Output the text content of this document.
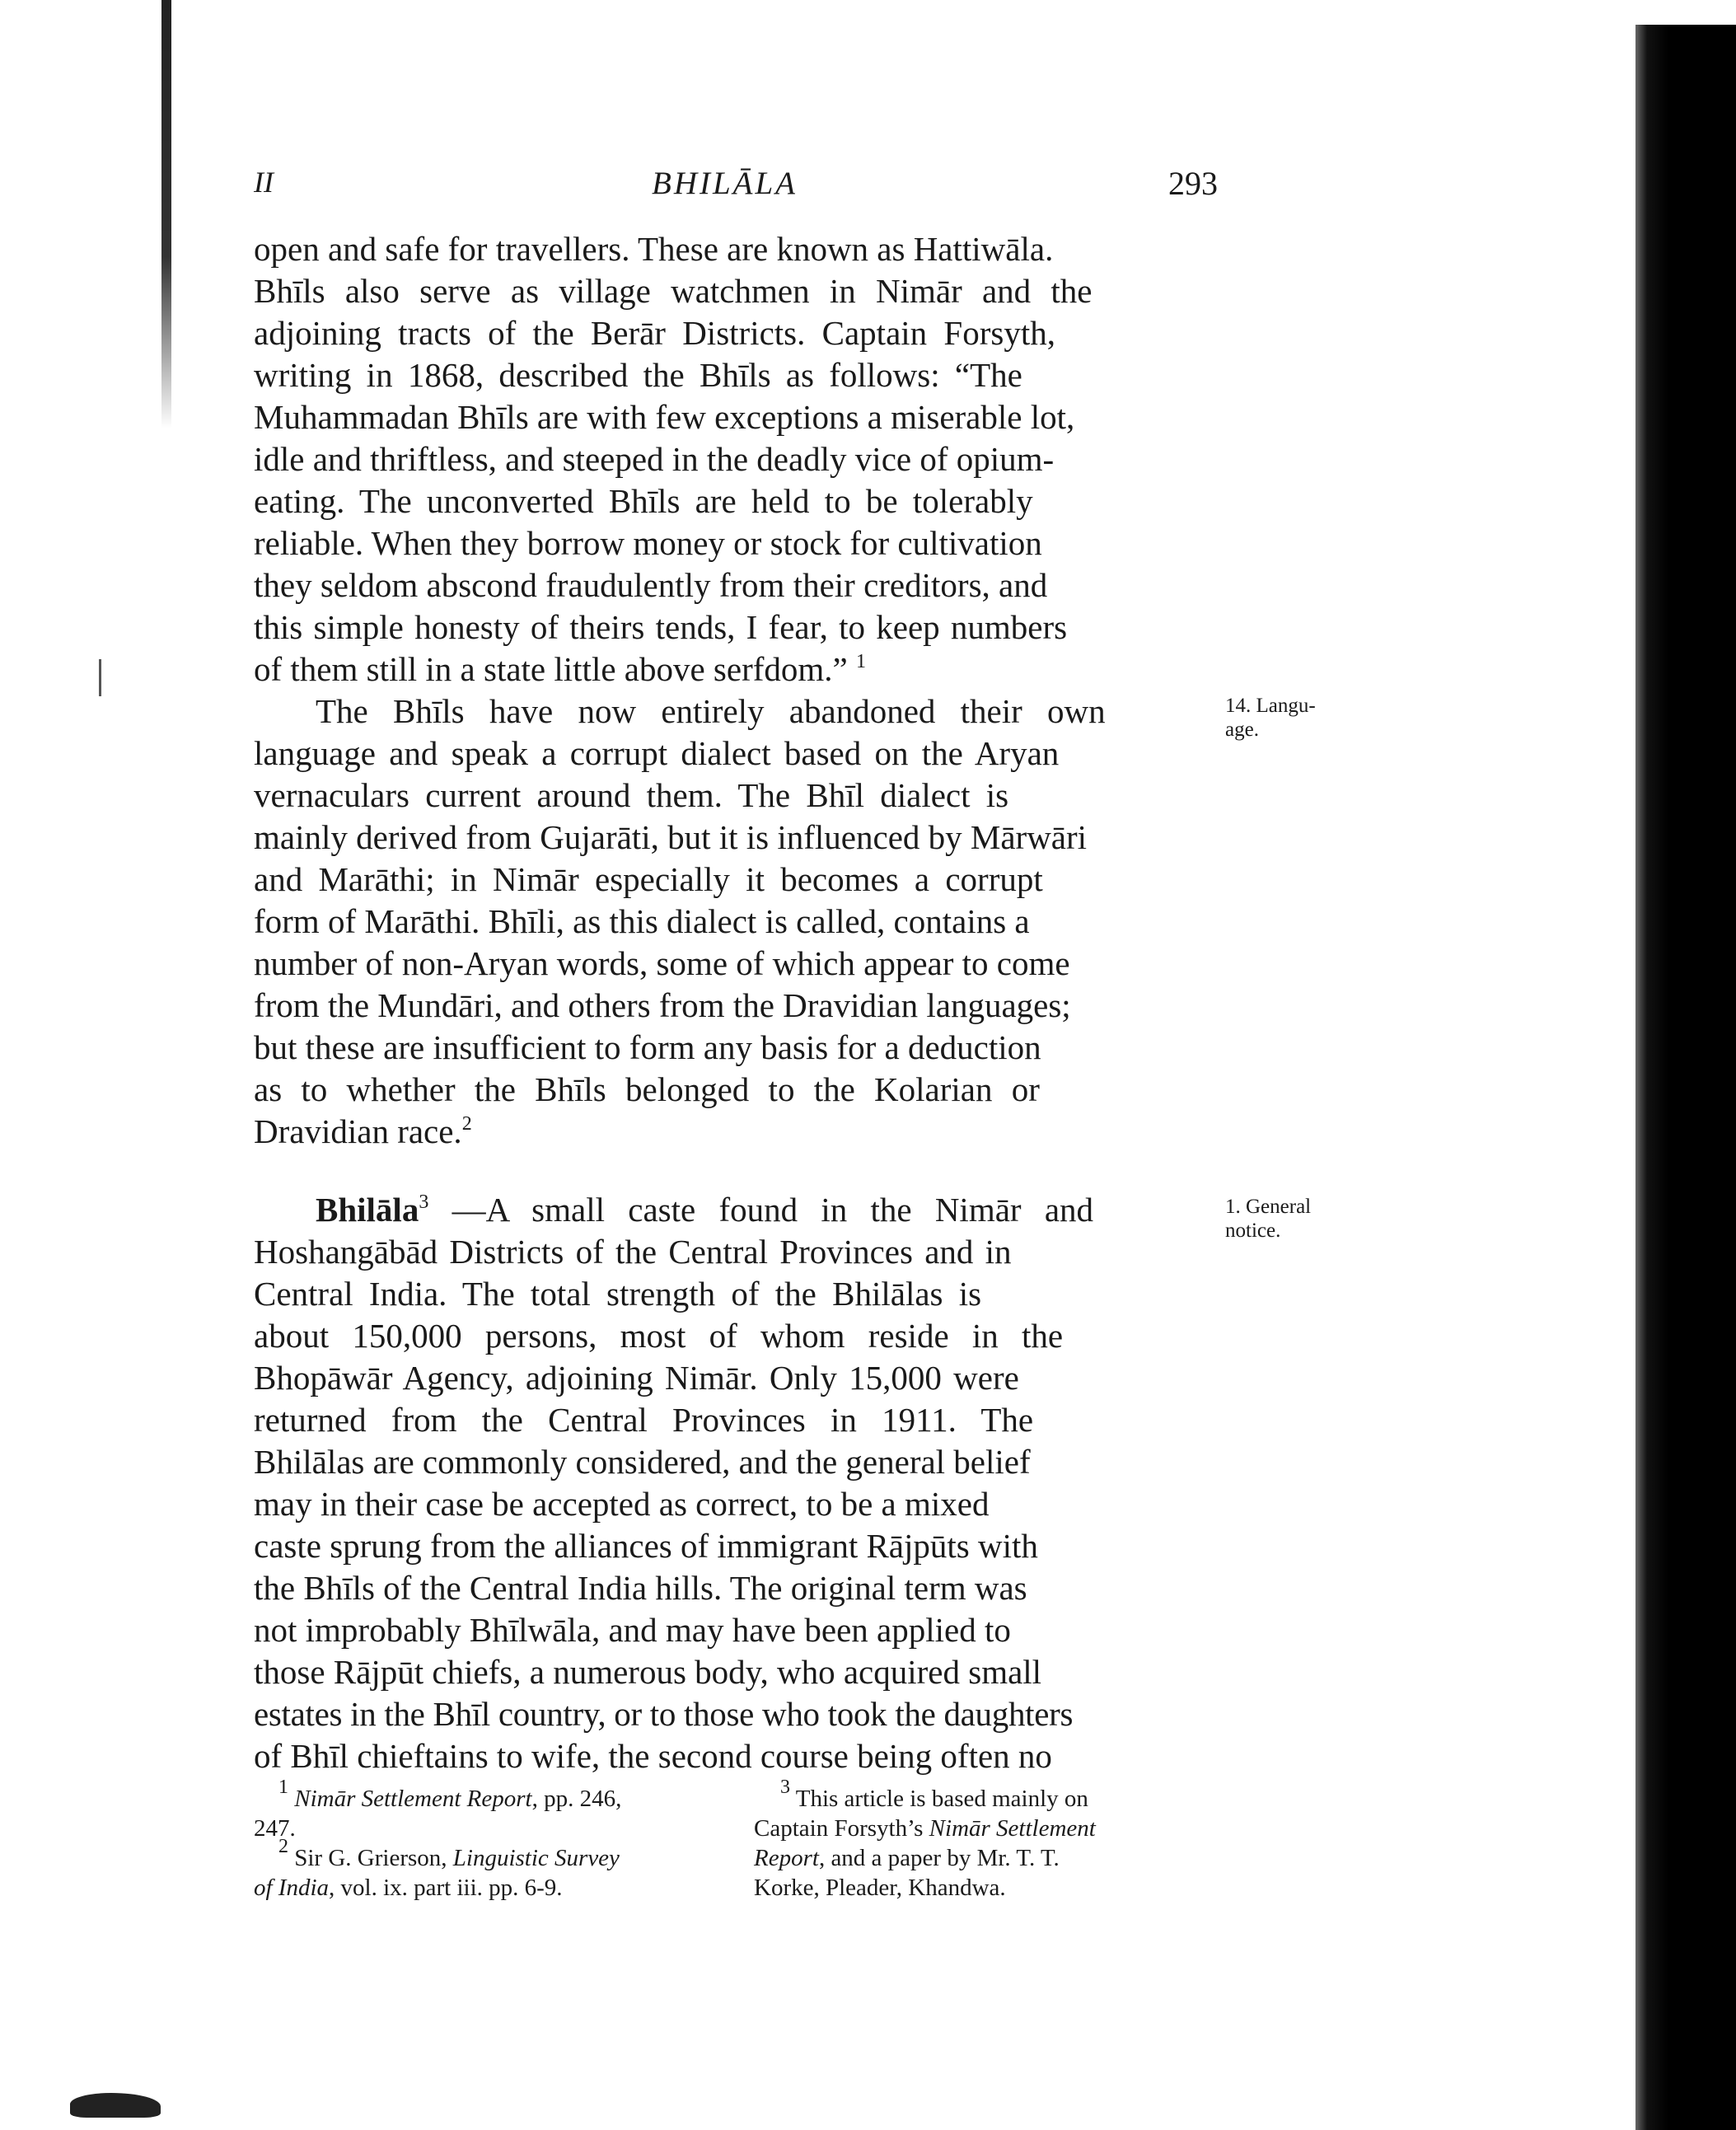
II	BHILĀLA	293
open and safe for travellers. These are known as Hattiwāla.
Bhīls also serve as village watchmen in Nimār and the
adjoining tracts of the Berār Districts. Captain Forsyth,
writing in 1868, described the Bhīls as follows: “The
Muhammadan Bhīls are with few exceptions a miserable lot,
idle and thriftless, and steeped in the deadly vice of opium-
eating. The unconverted Bhīls are held to be tolerably
reliable. When they borrow money or stock for cultivation
they seldom abscond fraudulently from their creditors, and
this simple honesty of theirs tends, I fear, to keep numbers
of them still in a state little above serfdom.” $^1$
The Bhīls have now entirely abandoned their own
language and speak a corrupt dialect based on the Aryan
vernaculars current around them. The Bhīl dialect is
mainly derived from Gujarāti, but it is influenced by Mārwāri
and Marāthi; in Nimār especially it becomes a corrupt
form of Marāthi. Bhīli, as this dialect is called, contains a
number of non-Aryan words, some of which appear to come
from the Mundāri, and others from the Dravidian languages;
but these are insufficient to form any basis for a deduction
as to whether the Bhīls belonged to the Kolarian or
Dravidian race.$^2$
14. Langu-
age.
1. General
notice.
Bhilāla$^3$ —A small caste found in the Nimār and
Hoshangābād Districts of the Central Provinces and in
Central India. The total strength of the Bhilālas is
about 150,000 persons, most of whom reside in the
Bhopāwār Agency, adjoining Nimār. Only 15,000 were
returned from the Central Provinces in 1911. The
Bhilālas are commonly considered, and the general belief
may in their case be accepted as correct, to be a mixed
caste sprung from the alliances of immigrant Rājpūts with
the Bhīls of the Central India hills. The original term was
not improbably Bhīlwāla, and may have been applied to
those Rājpūt chiefs, a numerous body, who acquired small
estates in the Bhīl country, or to those who took the daughters
of Bhīl chieftains to wife, the second course being often no
$^1$ Nimār Settlement Report, pp. 246,
247.
$^2$ Sir G. Grierson, Linguistic Survey
of India, vol. ix. part iii. pp. 6-9.
$^3$ This article is based mainly on
Captain Forsyth’s Nimār Settlement
Report, and a paper by Mr. T. T.
Korke, Pleader, Khandwa.
